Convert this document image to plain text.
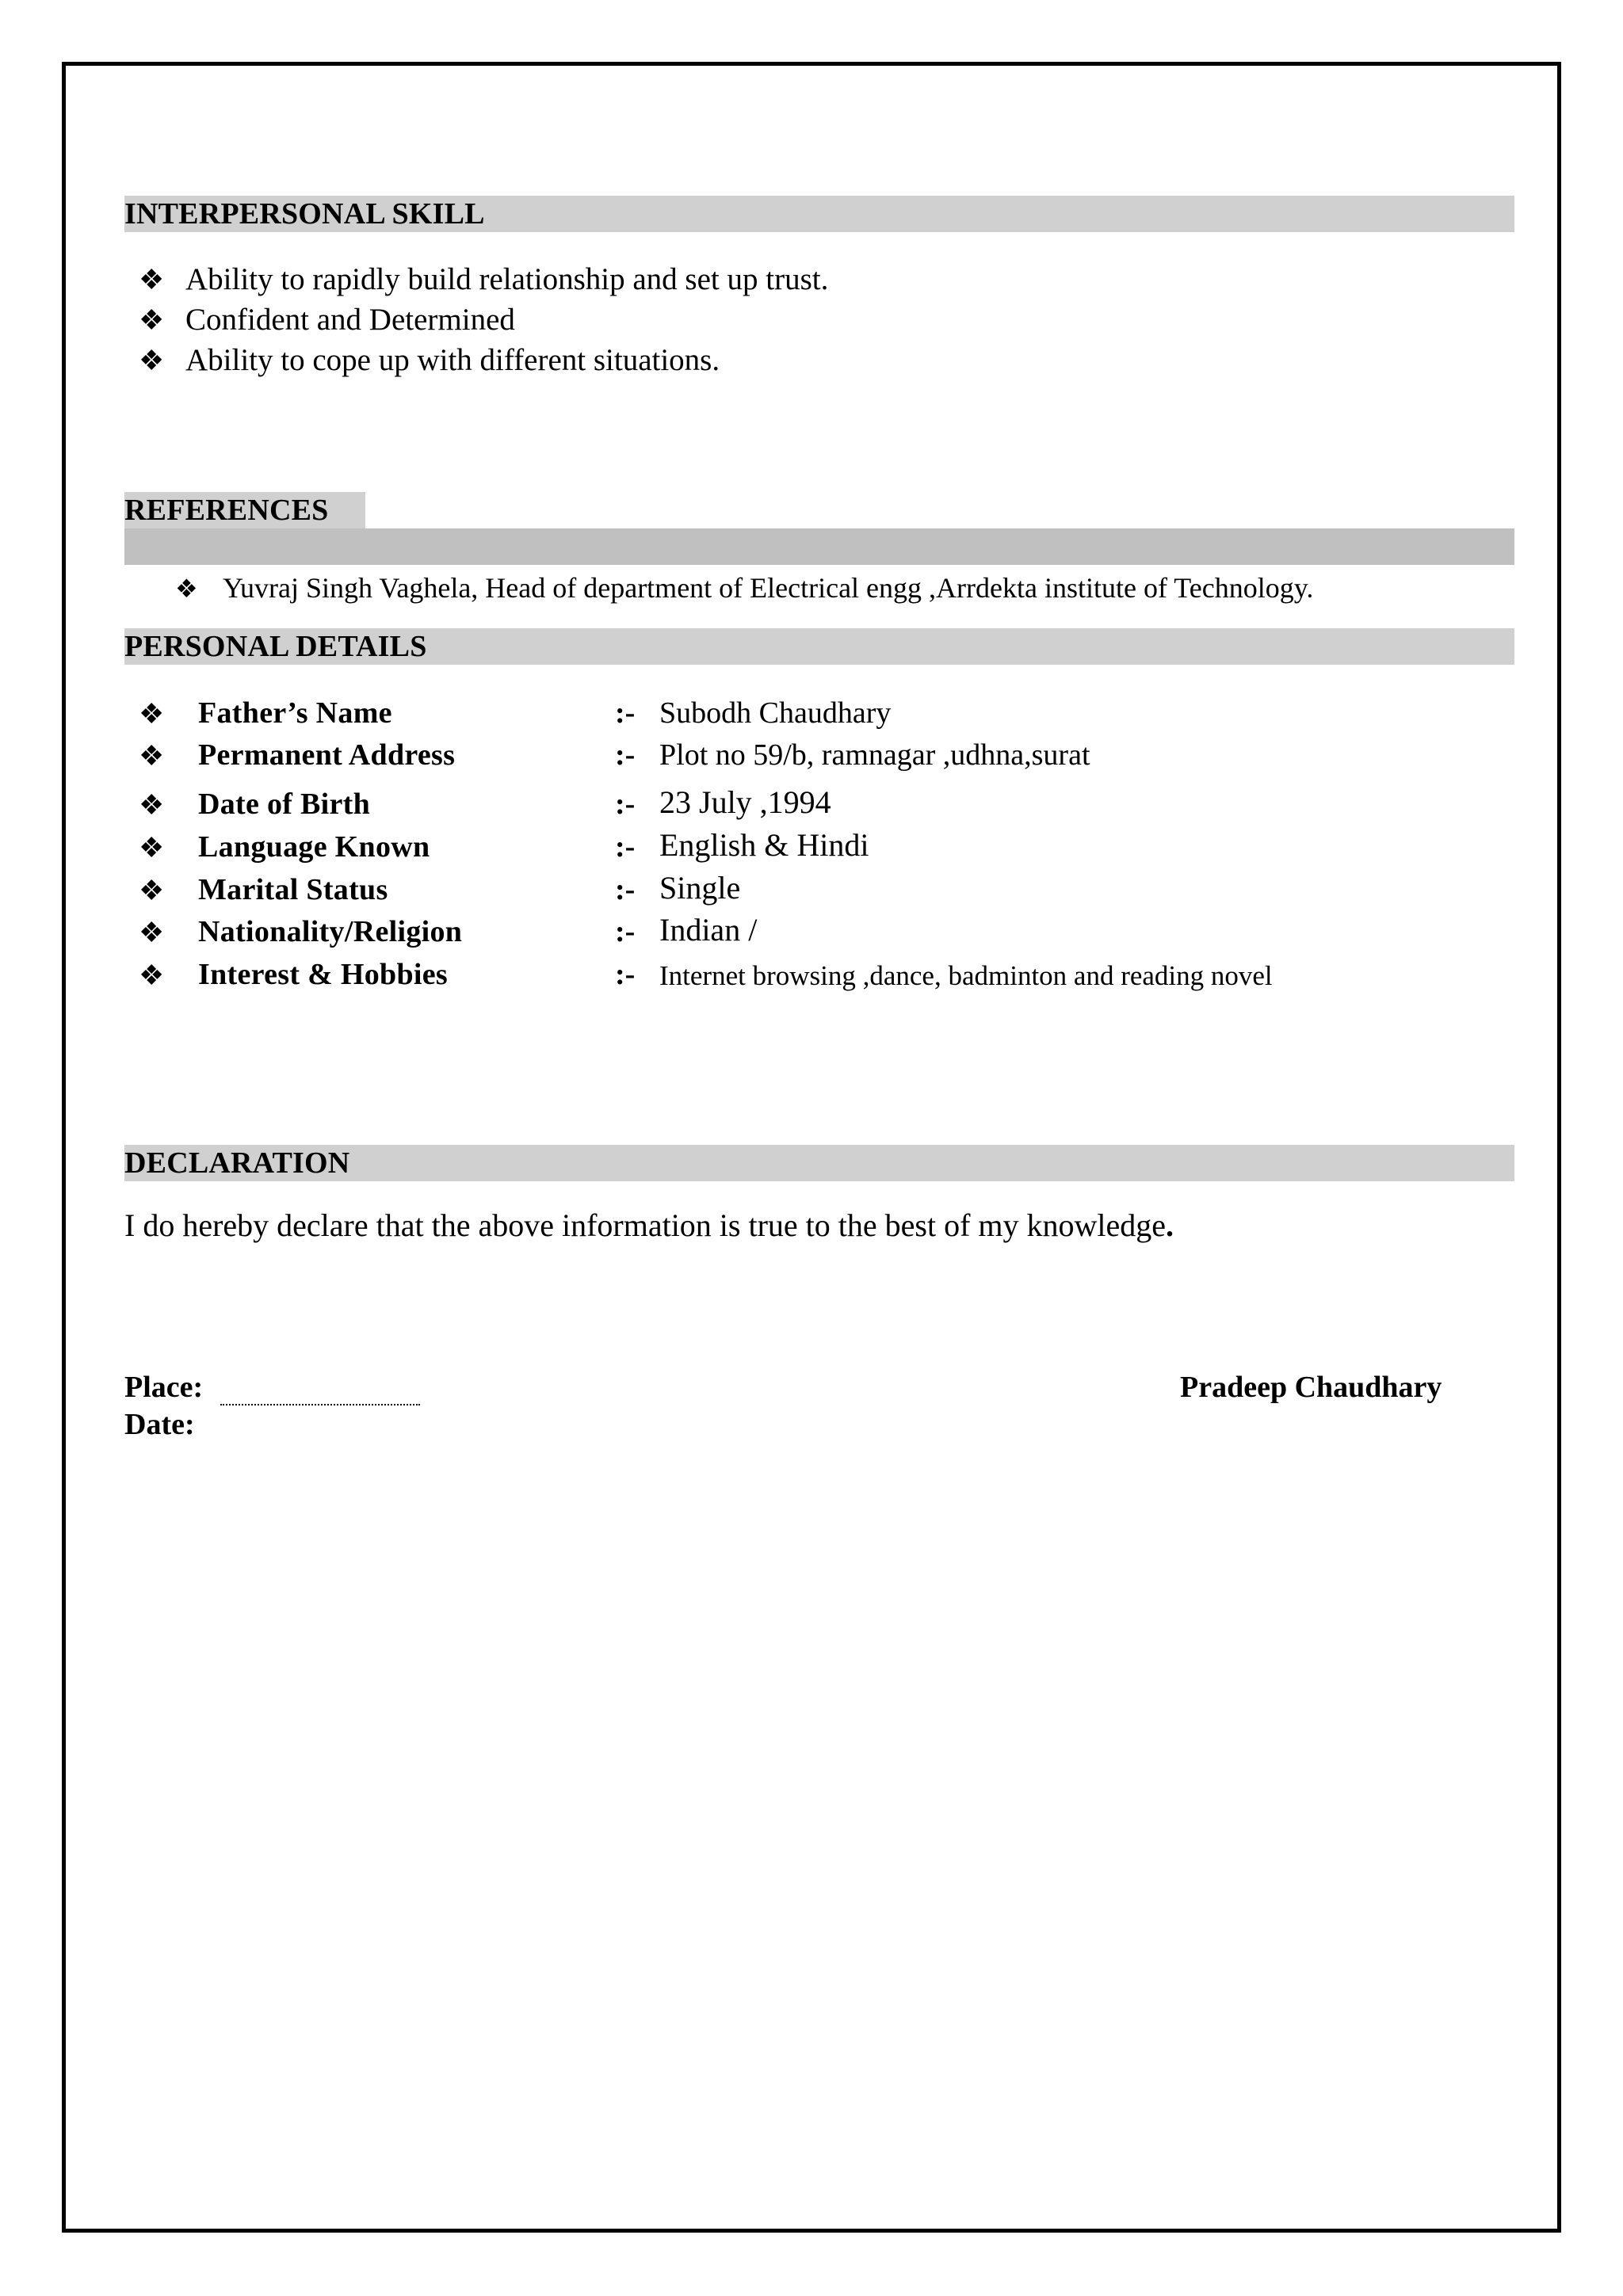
INTERPERSONAL SKILL
❖ Ability to rapidly build relationship and set up trust.
❖ Confident and Determined
❖ Ability to cope up with different situations.
REFERENCES
❖ Yuvraj Singh Vaghela, Head of department of Electrical engg ,Arrdekta institute of Technology.
PERSONAL DETAILS
❖ Father’s Name	:- Subodh Chaudhary
❖ Permanent Address	:- Plot no 59/b, ramnagar ,udhna,surat
❖ Date of Birth	:- 23 July ,1994
❖ Language Known	:- English & Hindi
❖ Marital Status	:- Single
❖ Nationality/Religion	:- Indian /
❖ Interest & Hobbies	:- Internet browsing ,dance, badminton and reading novel
DECLARATION
I do hereby declare that the above information is true to the best of my knowledge.
Place:
Date:
Pradeep Chaudhary
